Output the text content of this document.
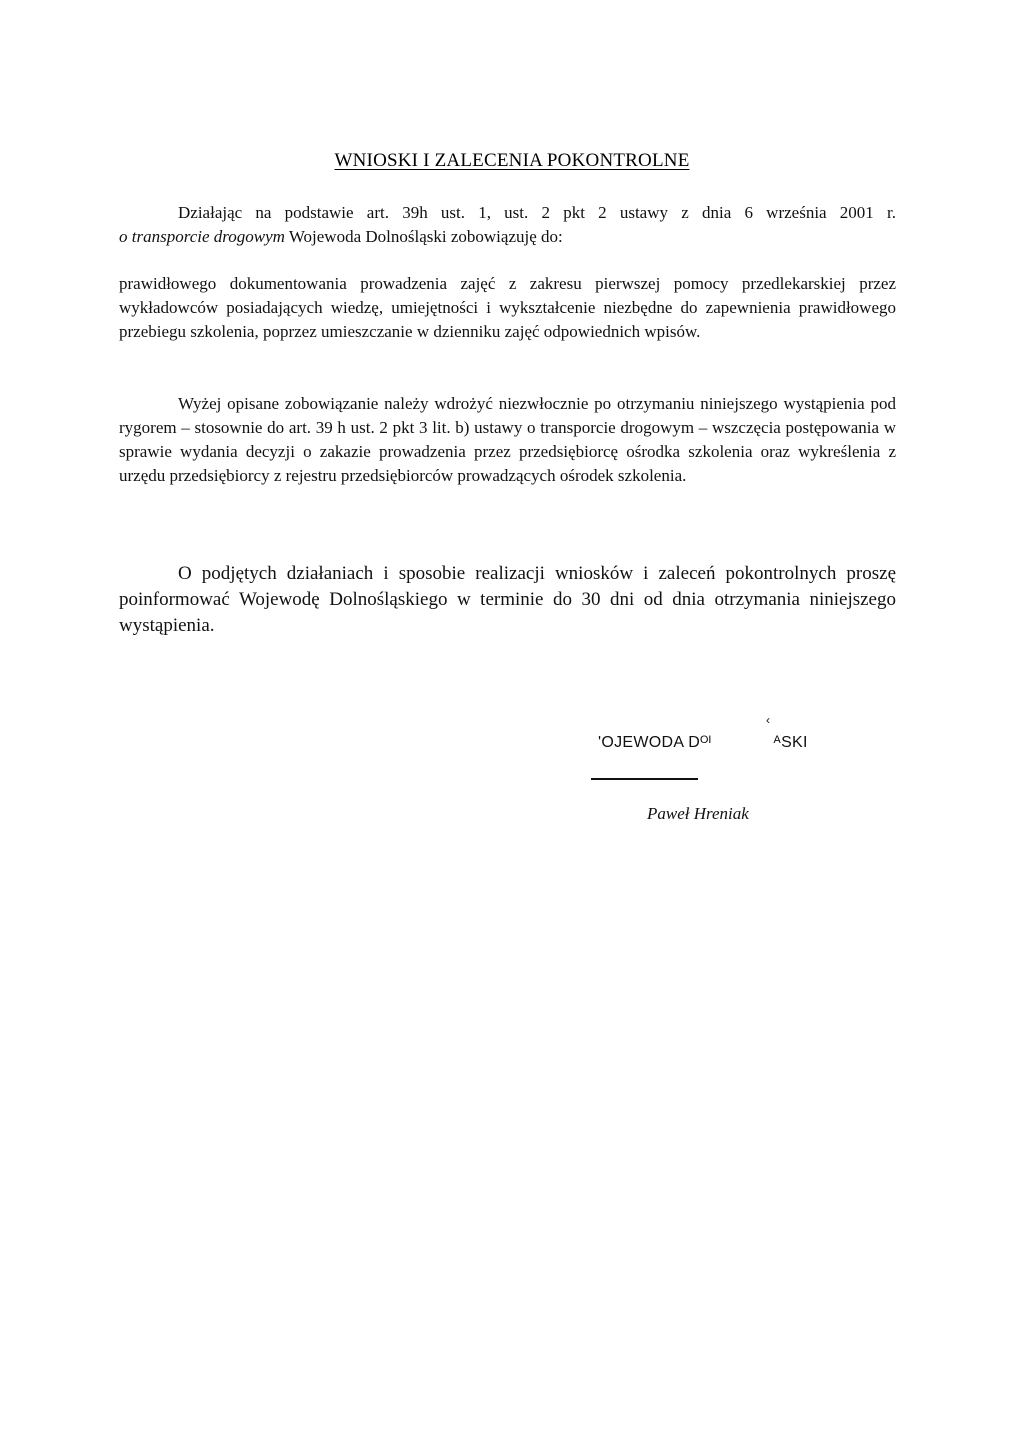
WNIOSKI I ZALECENIA POKONTROLNE
Działając na podstawie art. 39h ust. 1, ust. 2 pkt 2 ustawy z dnia 6 września 2001 r.
o transporcie drogowym Wojewoda Dolnośląski zobowiązuję do:
prawidłowego dokumentowania prowadzenia zajęć z zakresu pierwszej pomocy przedlekarskiej przez wykładowców posiadających wiedzę, umiejętności i wykształcenie niezbędne do zapewnienia prawidłowego przebiegu szkolenia, poprzez umieszczanie w dzienniku zajęć odpowiednich wpisów.
Wyżej opisane zobowiązanie należy wdrożyć niezwłocznie po otrzymaniu niniejszego wystąpienia pod rygorem – stosownie do art. 39 h ust. 2 pkt 3 lit. b) ustawy o transporcie drogowym – wszczęcia postępowania w sprawie wydania decyzji o zakazie prowadzenia przez przedsiębiorcę ośrodka szkolenia oraz wykreślenia z urzędu przedsiębiorcy z rejestru przedsiębiorców prowadzących ośrodek szkolenia.
O podjętych działaniach i sposobie realizacji wniosków i zaleceń pokontrolnych proszę poinformować Wojewodę Dolnośląskiego w terminie do 30 dni od dnia otrzymania niniejszego wystąpienia.
‹
'OJEWODA Dᴼᴵ	ᴬSKI
Paweł Hreniak
